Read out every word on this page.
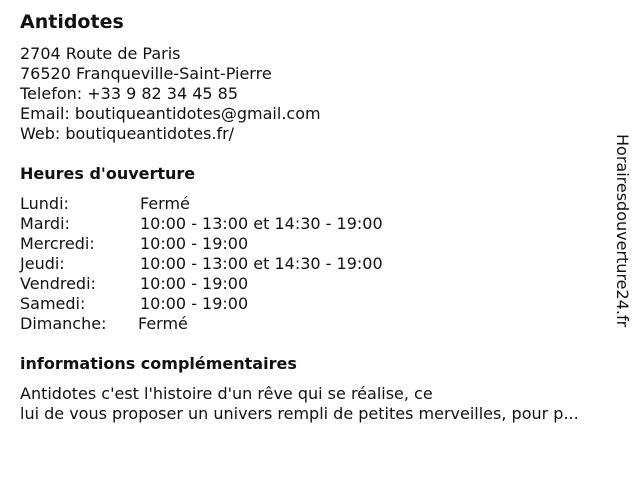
Antidotes
2704 Route de Paris
76520 Franqueville-Saint-Pierre
Telefon: +33 9 82 34 45 85
Email: boutiqueantidotes@gmail.com
Web: boutiqueantidotes.fr/
Heures d'ouverture
Lundi:	Fermé
Mardi:	10:00 - 13:00 et 14:30 - 19:00
Mercredi:	10:00 - 19:00
Jeudi:	10:00 - 13:00 et 14:30 - 19:00
Vendredi:	10:00 - 19:00
Samedi:	10:00 - 19:00
Dimanche:	Fermé
informations complémentaires
Antidotes c'est l'histoire d'un rêve qui se réalise, ce
lui de vous proposer un univers rempli de petites merveilles, pour p...
Horairesdouverture24.fr
